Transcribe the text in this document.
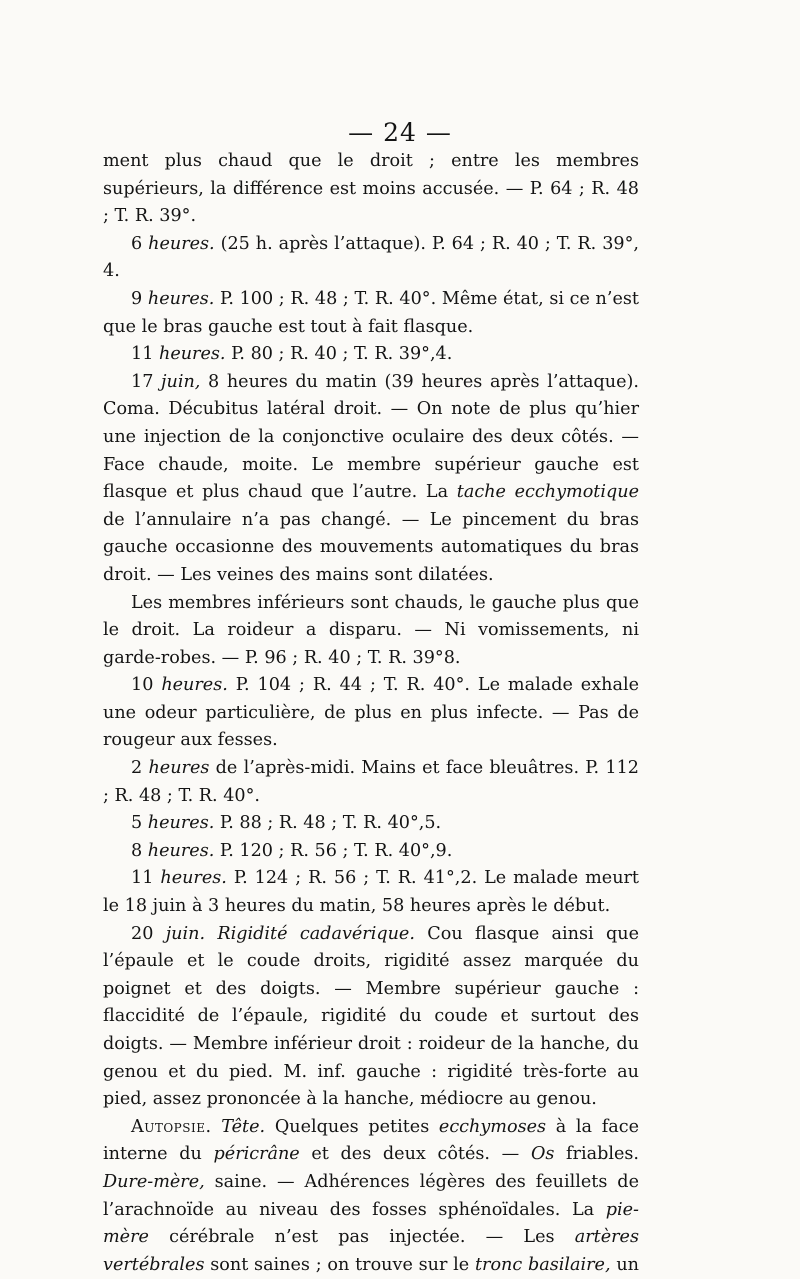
— 24 —

ment plus chaud que le droit ; entre les membres supérieurs, la différence est moins accusée. — P. 64 ; R. 48 ; T. R. 39°.

6 heures. (25 h. après l’attaque). P. 64 ; R. 40 ; T. R. 39°, 4.

9 heures. P. 100 ; R. 48 ; T. R. 40°. Même état, si ce n’est que le bras gauche est tout à fait flasque.

11 heures. P. 80 ; R. 40 ; T. R. 39°,4.

17 juin, 8 heures du matin (39 heures après l’attaque). Coma. Décubitus latéral droit. — On note de plus qu’hier une injection de la conjonctive oculaire des deux côtés. — Face chaude, moite. Le membre supérieur gauche est flasque et plus chaud que l’autre. La tache ecchymotique de l’annulaire n’a pas changé. — Le pincement du bras gauche occasionne des mouvements automatiques du bras droit. — Les veines des mains sont dilatées.

Les membres inférieurs sont chauds, le gauche plus que le droit. La roideur a disparu. — Ni vomissements, ni garde-robes. — P. 96 ; R. 40 ; T. R. 39°8.

10 heures. P. 104 ; R. 44 ; T. R. 40°. Le malade exhale une odeur particulière, de plus en plus infecte. — Pas de rougeur aux fesses.

2 heures de l’après-midi. Mains et face bleuâtres. P. 112 ; R. 48 ; T. R. 40°.

5 heures. P. 88 ; R. 48 ; T. R. 40°,5.

8 heures. P. 120 ; R. 56 ; T. R. 40°,9.

11 heures. P. 124 ; R. 56 ; T. R. 41°,2. Le malade meurt le 18 juin à 3 heures du matin, 58 heures après le début.

20 juin. Rigidité cadavérique. Cou flasque ainsi que l’épaule et le coude droits, rigidité assez marquée du poignet et des doigts. — Membre supérieur gauche : flaccidité de l’épaule, rigidité du coude et surtout des doigts. — Membre inférieur droit : roideur de la hanche, du genou et du pied. M. inf. gauche : rigidité très-forte au pied, assez prononcée à la hanche, médiocre au genou.

Autopsie. Tête. Quelques petites ecchymoses à la face interne du péricrâne et des deux côtés. — Os friables. Dure-mère, saine. — Adhérences légères des feuillets de l’arachnoïde au niveau des fosses sphénoïdales. La pie-mère cérébrale n’est pas injectée. — Les artères vertébrales sont saines ; on trouve sur le tronc basilaire, un
